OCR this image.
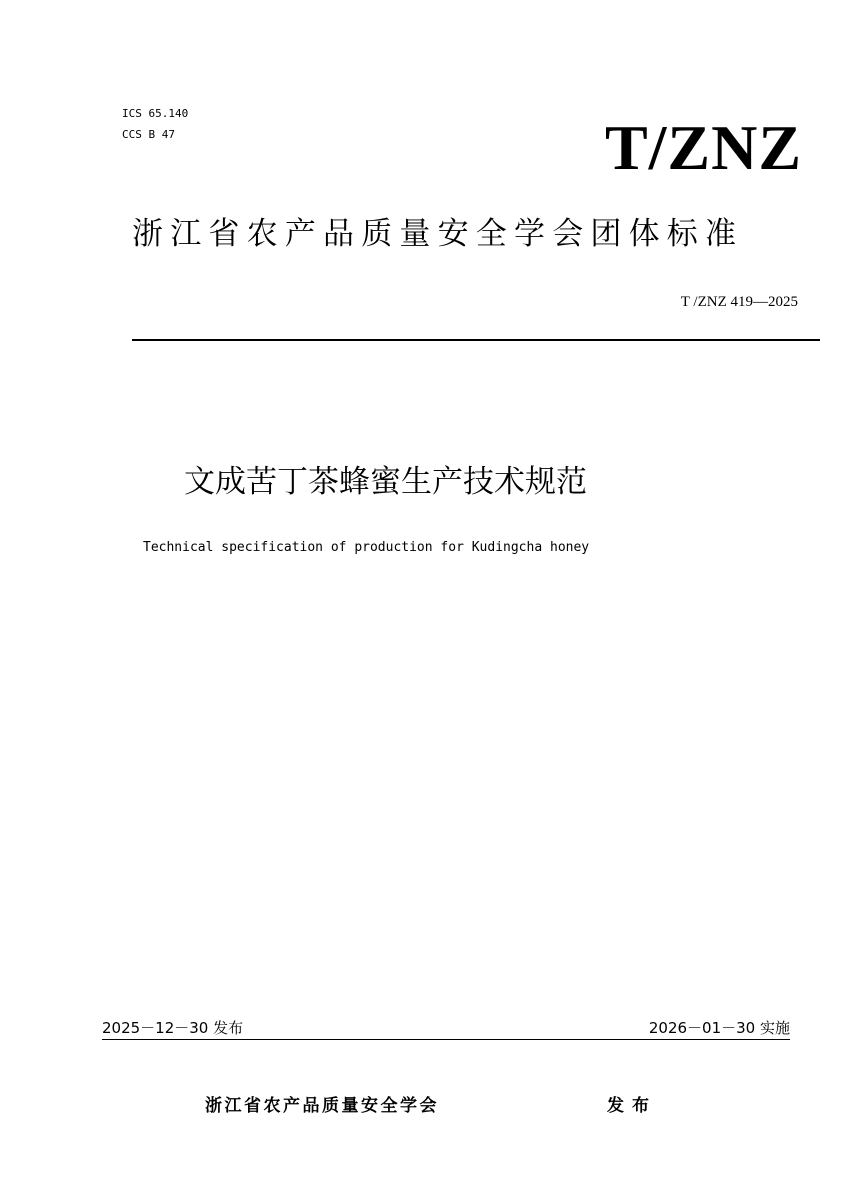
ICS 65.140
CCS B 47	T/ZNZ
浙江省农产品质量安全学会团体标准
T /ZNZ 419—2025
文成苦丁茶蜂蜜生产技术规范
Technical specification of production for Kudingcha honey
2025－12－30 发布	2026－01－30 实施
浙江省农产品质量安全学会	发布
